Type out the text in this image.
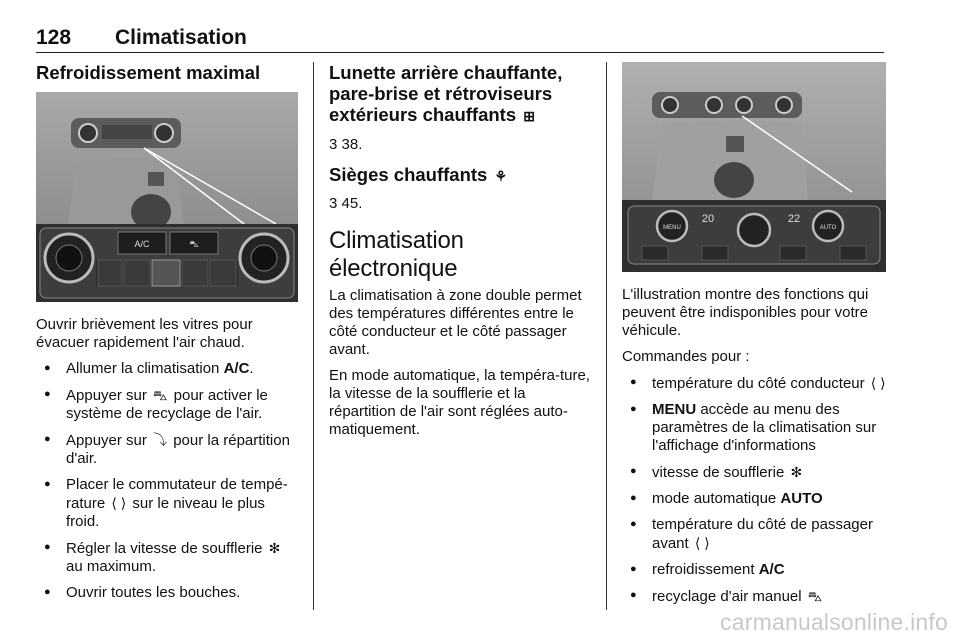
128 Climatisation
Refroidissement maximal
A/C	⛍

Ouvrir brièvement les vitres pour évacuer rapidement l'air chaud.

● Allumer la climatisation A/C.
● Appuyer sur ⛍ pour activer le système de recyclage de l'air.
● Appuyer sur ⤵ pour la répartition d'air.
● Placer le commutateur de tempé-rature ⟨ ⟩ sur le niveau le plus froid.
● Régler la vitesse de soufflerie ✻ au maximum.
● Ouvrir toutes les bouches.
Lunette arrière chauffante, pare-brise et rétroviseurs extérieurs chauffants ⊞

3 38.

Sièges chauffants ⚘

3 45.

Climatisation électronique

La climatisation à zone double permet des températures différentes entre le côté conducteur et le côté passager avant.

En mode automatique, la tempéra-ture, la vitesse de la soufflerie et la répartition de l'air sont réglées auto-matiquement.

20	22
MENU	AUTO

L'illustration montre des fonctions qui peuvent être indisponibles pour votre véhicule.

Commandes pour :

● température du côté conducteur ⟨ ⟩
● MENU accède au menu des paramètres de la climatisation sur l'affichage d'informations
● vitesse de soufflerie ✻
● mode automatique AUTO
● température du côté de passager avant ⟨ ⟩
● refroidissement A/C
● recyclage d'air manuel ⛍
carmanualsonline.info
